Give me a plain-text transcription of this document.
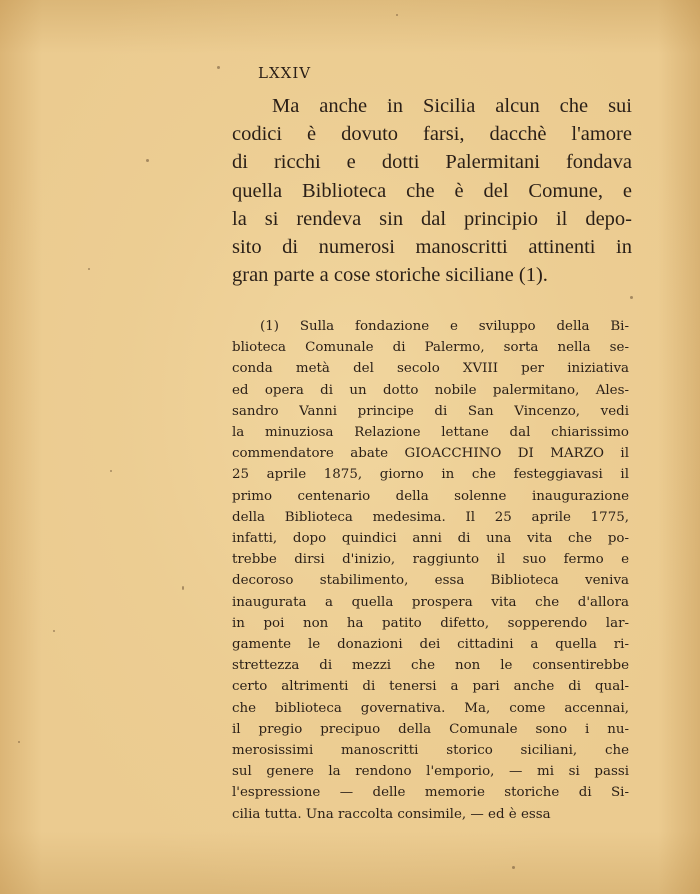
LXXIV
Ma anche in Sicilia alcun che sui
codici è dovuto farsi, dacchè l'amore
di ricchi e dotti Palermitani fondava
quella Biblioteca che è del Comune, e
la si rendeva sin dal principio il depo-
sito di numerosi manoscritti attinenti in
gran parte a cose storiche siciliane (1).
(1) Sulla fondazione e sviluppo della Bi-
blioteca Comunale di Palermo, sorta nella se-
conda metà del secolo XVIII per iniziativa
ed opera di un dotto nobile palermitano, Ales-
sandro Vanni principe di San Vincenzo, vedi
la minuziosa Relazione lettane dal chiarissimo
commendatore abate GIOACCHINO DI MARZO il
25 aprile 1875, giorno in che festeggiavasi il
primo centenario della solenne inaugurazione
della Biblioteca medesima. Il 25 aprile 1775,
infatti, dopo quindici anni di una vita che po-
trebbe dirsi d'inizio, raggiunto il suo fermo e
decoroso stabilimento, essa Biblioteca veniva
inaugurata a quella prospera vita che d'allora
in poi non ha patito difetto, sopperendo lar-
gamente le donazioni dei cittadini a quella ri-
strettezza di mezzi che non le consentirebbe
certo altrimenti di tenersi a pari anche di qual-
che biblioteca governativa. Ma, come accennai,
il pregio precipuo della Comunale sono i nu-
merosissimi manoscritti storico siciliani, che
sul genere la rendono l'emporio, — mi si passi
l'espressione — delle memorie storiche di Si-
cilia tutta. Una raccolta consimile, — ed è essa
